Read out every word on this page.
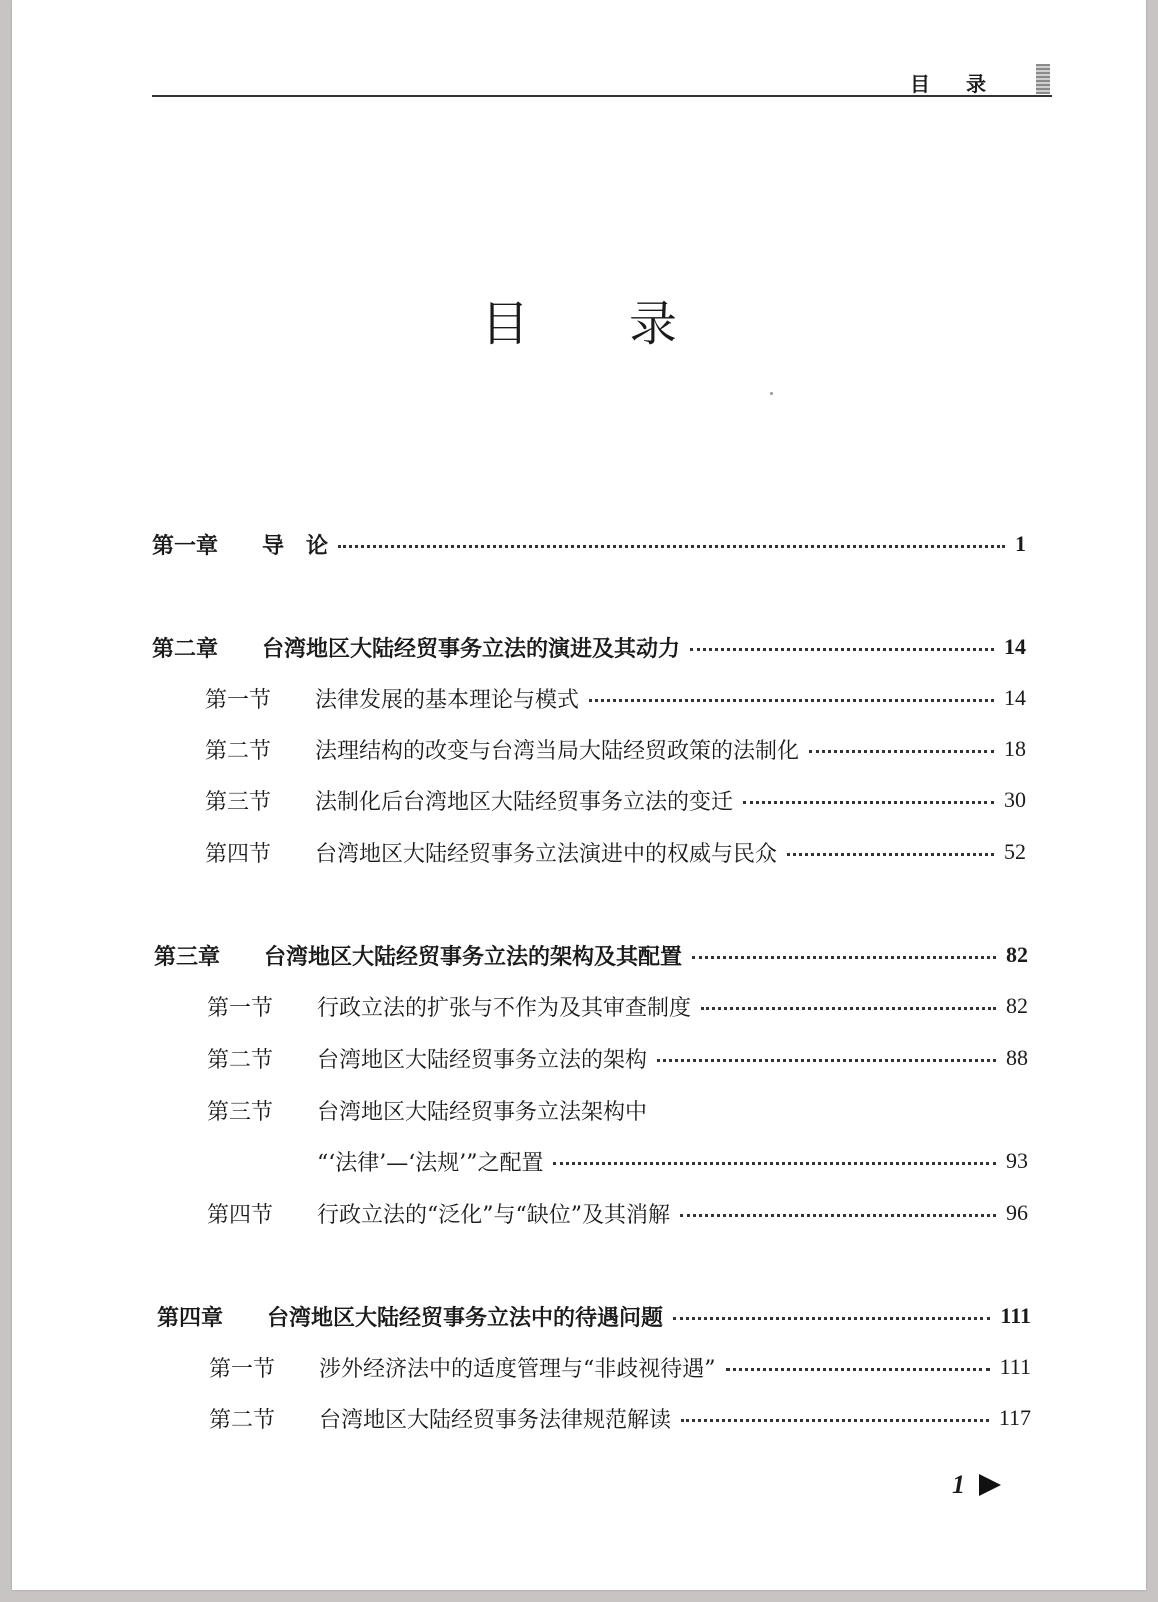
目录
目录
第一章	导　论	1
第二章	台湾地区大陆经贸事务立法的演进及其动力	14
第一节	法律发展的基本理论与模式	14
第二节	法理结构的改变与台湾当局大陆经贸政策的法制化	18
第三节	法制化后台湾地区大陆经贸事务立法的变迁	30
第四节	台湾地区大陆经贸事务立法演进中的权威与民众	52
第三章	台湾地区大陆经贸事务立法的架构及其配置	82
第一节	行政立法的扩张与不作为及其审查制度	82
第二节	台湾地区大陆经贸事务立法的架构	88
第三节	台湾地区大陆经贸事务立法架构中
“‘法律’—‘法规’”之配置	93
第四节	行政立法的“泛化”与“缺位”及其消解	96
第四章	台湾地区大陆经贸事务立法中的待遇问题	111
第一节	涉外经济法中的适度管理与“非歧视待遇”	111
第二节	台湾地区大陆经贸事务法律规范解读	117
1
